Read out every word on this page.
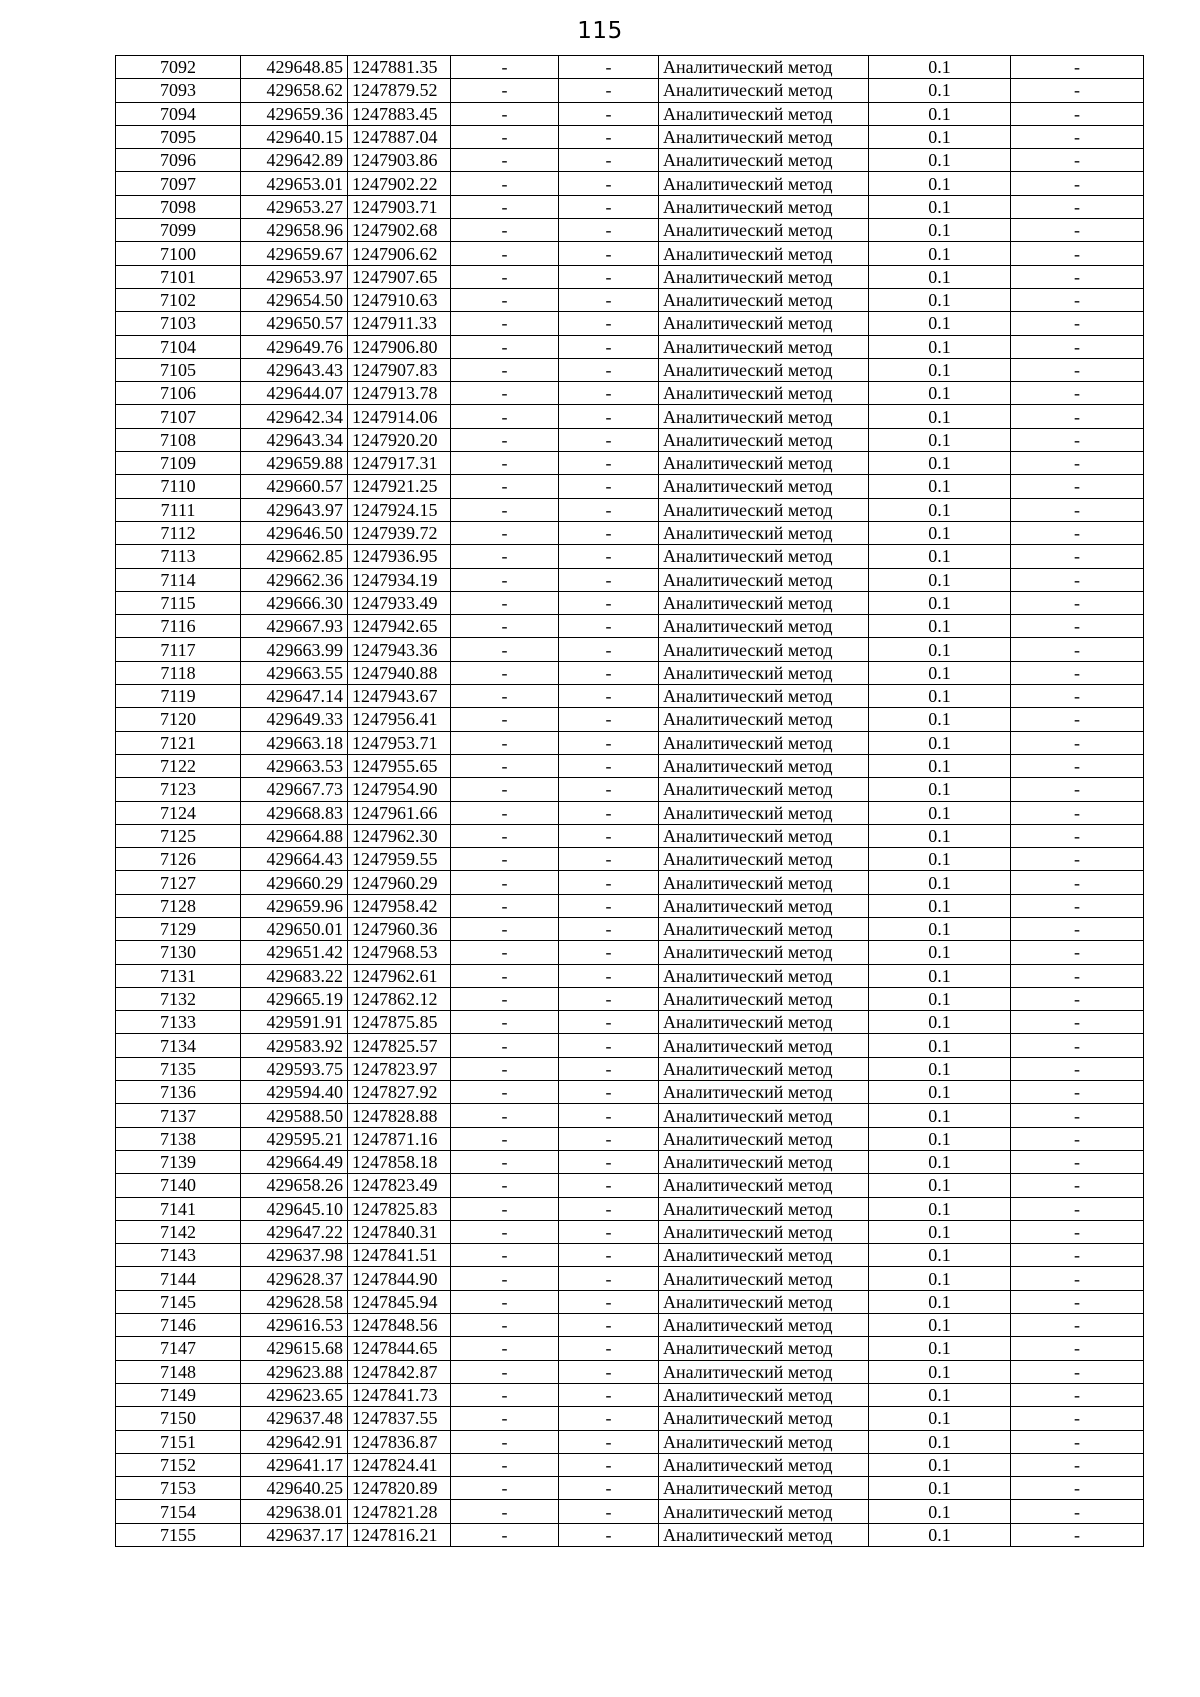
115
7092	429648.85	1247881.35	-	-	Аналитический метод	0.1	-
7093	429658.62	1247879.52	-	-	Аналитический метод	0.1	-
7094	429659.36	1247883.45	-	-	Аналитический метод	0.1	-
7095	429640.15	1247887.04	-	-	Аналитический метод	0.1	-
7096	429642.89	1247903.86	-	-	Аналитический метод	0.1	-
7097	429653.01	1247902.22	-	-	Аналитический метод	0.1	-
7098	429653.27	1247903.71	-	-	Аналитический метод	0.1	-
7099	429658.96	1247902.68	-	-	Аналитический метод	0.1	-
7100	429659.67	1247906.62	-	-	Аналитический метод	0.1	-
7101	429653.97	1247907.65	-	-	Аналитический метод	0.1	-
7102	429654.50	1247910.63	-	-	Аналитический метод	0.1	-
7103	429650.57	1247911.33	-	-	Аналитический метод	0.1	-
7104	429649.76	1247906.80	-	-	Аналитический метод	0.1	-
7105	429643.43	1247907.83	-	-	Аналитический метод	0.1	-
7106	429644.07	1247913.78	-	-	Аналитический метод	0.1	-
7107	429642.34	1247914.06	-	-	Аналитический метод	0.1	-
7108	429643.34	1247920.20	-	-	Аналитический метод	0.1	-
7109	429659.88	1247917.31	-	-	Аналитический метод	0.1	-
7110	429660.57	1247921.25	-	-	Аналитический метод	0.1	-
7111	429643.97	1247924.15	-	-	Аналитический метод	0.1	-
7112	429646.50	1247939.72	-	-	Аналитический метод	0.1	-
7113	429662.85	1247936.95	-	-	Аналитический метод	0.1	-
7114	429662.36	1247934.19	-	-	Аналитический метод	0.1	-
7115	429666.30	1247933.49	-	-	Аналитический метод	0.1	-
7116	429667.93	1247942.65	-	-	Аналитический метод	0.1	-
7117	429663.99	1247943.36	-	-	Аналитический метод	0.1	-
7118	429663.55	1247940.88	-	-	Аналитический метод	0.1	-
7119	429647.14	1247943.67	-	-	Аналитический метод	0.1	-
7120	429649.33	1247956.41	-	-	Аналитический метод	0.1	-
7121	429663.18	1247953.71	-	-	Аналитический метод	0.1	-
7122	429663.53	1247955.65	-	-	Аналитический метод	0.1	-
7123	429667.73	1247954.90	-	-	Аналитический метод	0.1	-
7124	429668.83	1247961.66	-	-	Аналитический метод	0.1	-
7125	429664.88	1247962.30	-	-	Аналитический метод	0.1	-
7126	429664.43	1247959.55	-	-	Аналитический метод	0.1	-
7127	429660.29	1247960.29	-	-	Аналитический метод	0.1	-
7128	429659.96	1247958.42	-	-	Аналитический метод	0.1	-
7129	429650.01	1247960.36	-	-	Аналитический метод	0.1	-
7130	429651.42	1247968.53	-	-	Аналитический метод	0.1	-
7131	429683.22	1247962.61	-	-	Аналитический метод	0.1	-
7132	429665.19	1247862.12	-	-	Аналитический метод	0.1	-
7133	429591.91	1247875.85	-	-	Аналитический метод	0.1	-
7134	429583.92	1247825.57	-	-	Аналитический метод	0.1	-
7135	429593.75	1247823.97	-	-	Аналитический метод	0.1	-
7136	429594.40	1247827.92	-	-	Аналитический метод	0.1	-
7137	429588.50	1247828.88	-	-	Аналитический метод	0.1	-
7138	429595.21	1247871.16	-	-	Аналитический метод	0.1	-
7139	429664.49	1247858.18	-	-	Аналитический метод	0.1	-
7140	429658.26	1247823.49	-	-	Аналитический метод	0.1	-
7141	429645.10	1247825.83	-	-	Аналитический метод	0.1	-
7142	429647.22	1247840.31	-	-	Аналитический метод	0.1	-
7143	429637.98	1247841.51	-	-	Аналитический метод	0.1	-
7144	429628.37	1247844.90	-	-	Аналитический метод	0.1	-
7145	429628.58	1247845.94	-	-	Аналитический метод	0.1	-
7146	429616.53	1247848.56	-	-	Аналитический метод	0.1	-
7147	429615.68	1247844.65	-	-	Аналитический метод	0.1	-
7148	429623.88	1247842.87	-	-	Аналитический метод	0.1	-
7149	429623.65	1247841.73	-	-	Аналитический метод	0.1	-
7150	429637.48	1247837.55	-	-	Аналитический метод	0.1	-
7151	429642.91	1247836.87	-	-	Аналитический метод	0.1	-
7152	429641.17	1247824.41	-	-	Аналитический метод	0.1	-
7153	429640.25	1247820.89	-	-	Аналитический метод	0.1	-
7154	429638.01	1247821.28	-	-	Аналитический метод	0.1	-
7155	429637.17	1247816.21	-	-	Аналитический метод	0.1	-
